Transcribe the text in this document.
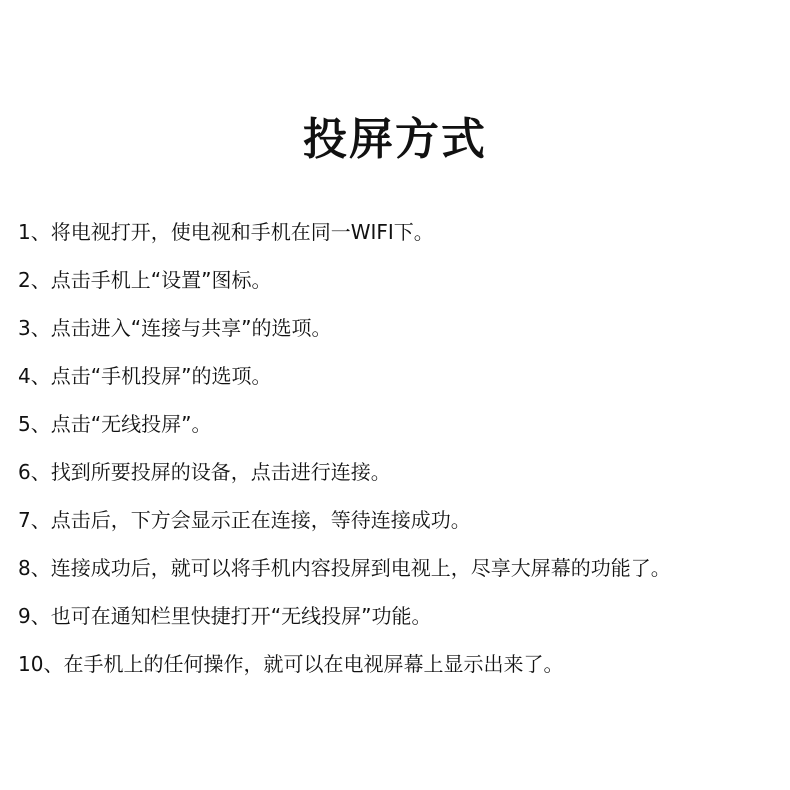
投屏方式
1、将电视打开，使电视和手机在同一WIFI下。
2、点击手机上“设置”图标。
3、点击进入“连接与共享”的选项。
4、点击“手机投屏”的选项。
5、点击“无线投屏”。
6、找到所要投屏的设备，点击进行连接。
7、点击后，下方会显示正在连接，等待连接成功。
8、连接成功后，就可以将手机内容投屏到电视上，尽享大屏幕的功能了。
9、也可在通知栏里快捷打开“无线投屏”功能。
10、在手机上的任何操作，就可以在电视屏幕上显示出来了。
